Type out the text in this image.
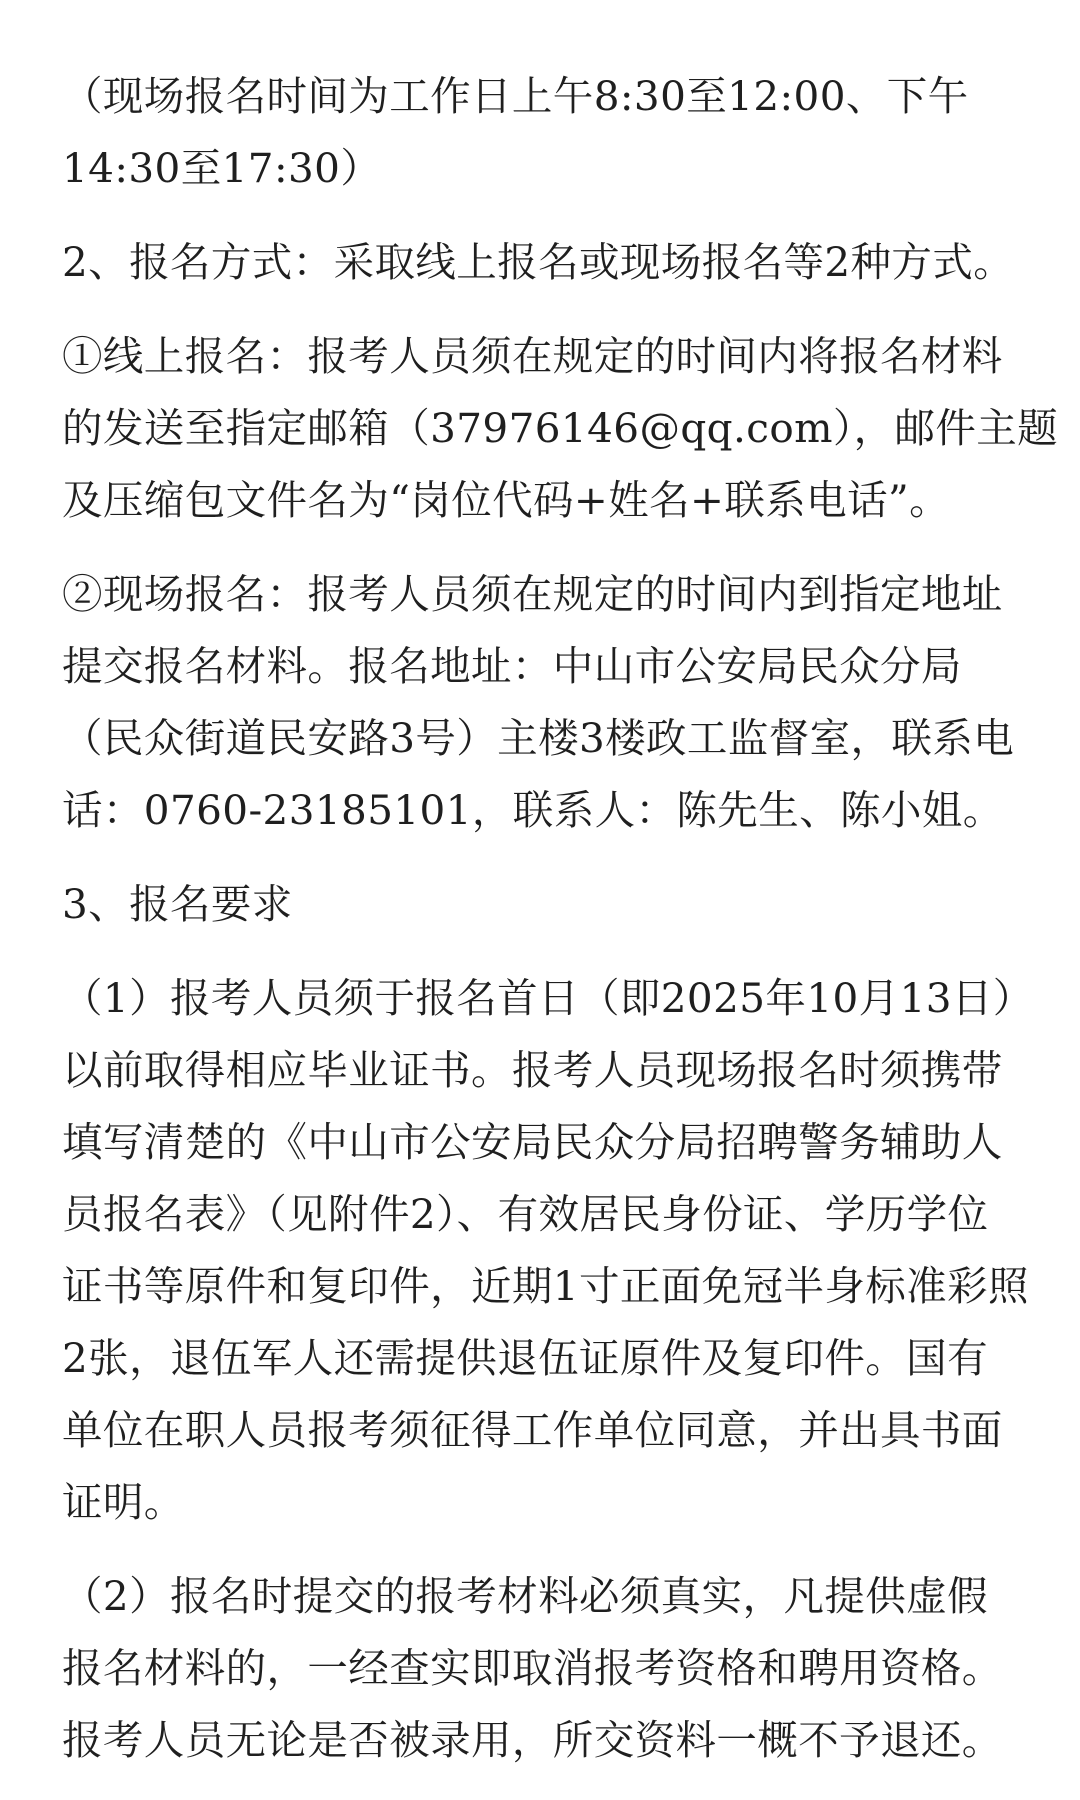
（现场报名时间为工作日上午8:30至12:00、下午
14:30至17:30）

2、报名方式：采取线上报名或现场报名等2种方式。

①线上报名：报考人员须在规定的时间内将报名材料
的发送至指定邮箱（37976146@qq.com），邮件主题
及压缩包文件名为“岗位代码+姓名+联系电话”。

②现场报名：报考人员须在规定的时间内到指定地址
提交报名材料。报名地址：中山市公安局民众分局
（民众街道民安路3号）主楼3楼政工监督室，联系电
话：0760-23185101，联系人：陈先生、陈小姐。

3、报名要求

（1）报考人员须于报名首日（即2025年10月13日）
以前取得相应毕业证书。报考人员现场报名时须携带
填写清楚的《中山市公安局民众分局招聘警务辅助人
员报名表》（见附件2）、有效居民身份证、学历学位
证书等原件和复印件，近期1寸正面免冠半身标准彩照
2张，退伍军人还需提供退伍证原件及复印件。国有
单位在职人员报考须征得工作单位同意，并出具书面
证明。

（2）报名时提交的报考材料必须真实，凡提供虚假
报名材料的，一经查实即取消报考资格和聘用资格。
报考人员无论是否被录用，所交资料一概不予退还。
